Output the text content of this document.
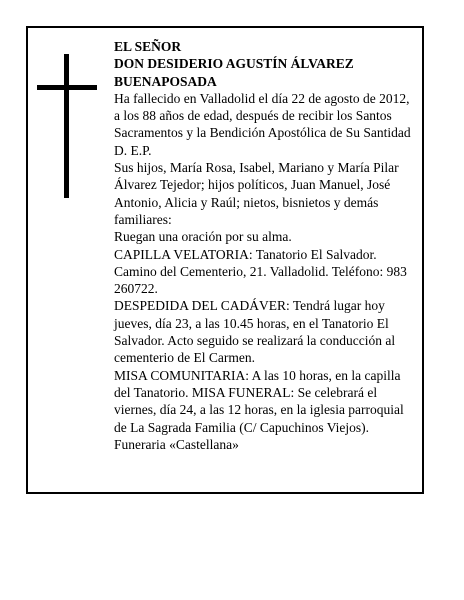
EL SEÑOR

DON DESIDERIO AGUSTÍN ÁLVAREZ BUENAPOSADA

Ha fallecido en Valladolid el día 22 de agosto de 2012, a los 88 años de edad, después de recibir los Santos Sacramentos y la Bendición Apostólica de Su Santidad D. E.P.

Sus hijos, María Rosa, Isabel, Mariano y María Pilar Álvarez Tejedor; hijos políticos, Juan Manuel, José Antonio, Alicia y Raúl; nietos, bisnietos y demás familiares:

Ruegan una oración por su alma.

CAPILLA VELATORIA: Tanatorio El Salvador. Camino del Cementerio, 21. Valladolid. Teléfono: 983 260722.

DESPEDIDA DEL CADÁVER: Tendrá lugar hoy jueves, día 23, a las 10.45 horas, en el Tanatorio El Salvador. Acto seguido se realizará la conducción al cementerio de El Carmen.

MISA COMUNITARIA: A las 10 horas, en la capilla del Tanatorio. MISA FUNERAL: Se celebrará el viernes, día 24, a las 12 horas, en la iglesia parroquial de La Sagrada Familia (C/ Capuchinos Viejos).

Funeraria «Castellana»
